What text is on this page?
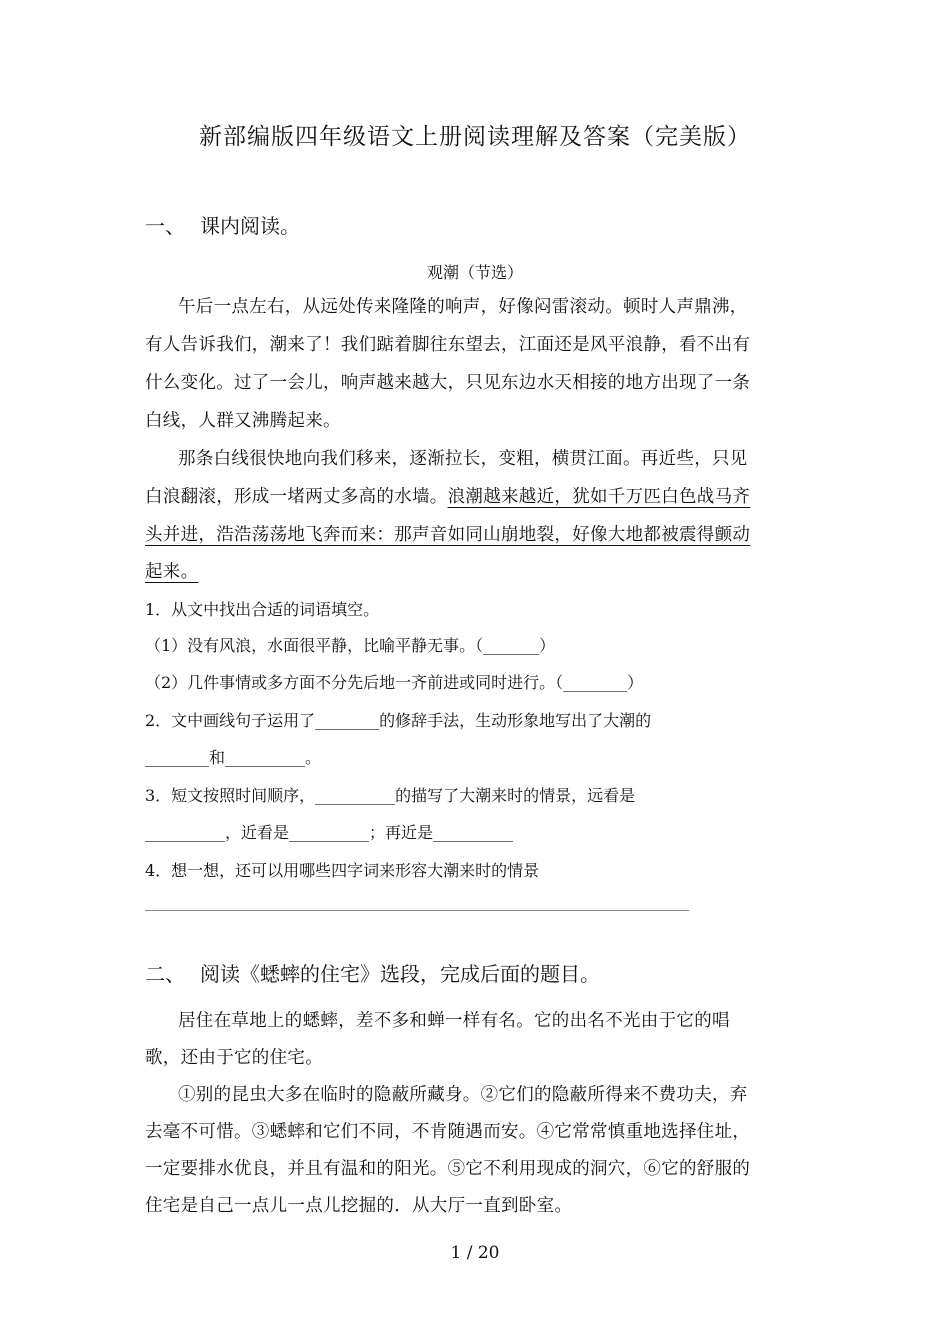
新部编版四年级语文上册阅读理解及答案（完美版）
一、 课内阅读。
观潮（节选）
午后一点左右，从远处传来隆隆的响声，好像闷雷滚动。顿时人声鼎沸，
有人告诉我们，潮来了！我们踮着脚往东望去，江面还是风平浪静，看不出有
什么变化。过了一会儿，响声越来越大，只见东边水天相接的地方出现了一条
白线，人群又沸腾起来。
那条白线很快地向我们移来，逐渐拉长，变粗，横贯江面。再近些，只见
白浪翻滚，形成一堵两丈多高的水墙。浪潮越来越近，犹如千万匹白色战马齐
头并进，浩浩荡荡地飞奔而来：那声音如同山崩地裂，好像大地都被震得颤动
起来。
1．从文中找出合适的词语填空。
（1）没有风浪，水面很平静，比喻平静无事。（_______）
（2）几件事情或多方面不分先后地一齐前进或同时进行。（________）
2．文中画线句子运用了________的修辞手法，生动形象地写出了大潮的
________和__________。
3．短文按照时间顺序，__________的描写了大潮来时的情景，远看是
__________，近看是__________；再近是__________
4．想一想，还可以用哪些四字词来形容大潮来时的情景
二、 阅读《蟋蟀的住宅》选段，完成后面的题目。
居住在草地上的蟋蟀，差不多和蝉一样有名。它的出名不光由于它的唱
歌，还由于它的住宅。
①别的昆虫大多在临时的隐蔽所藏身。②它们的隐蔽所得来不费功夫，弃
去毫不可惜。③蟋蟀和它们不同，不肯随遇而安。④它常常慎重地选择住址，
一定要排水优良，并且有温和的阳光。⑤它不利用现成的洞穴，⑥它的舒服的
住宅是自己一点儿一点儿挖掘的．从大厅一直到卧室。
1 / 20
